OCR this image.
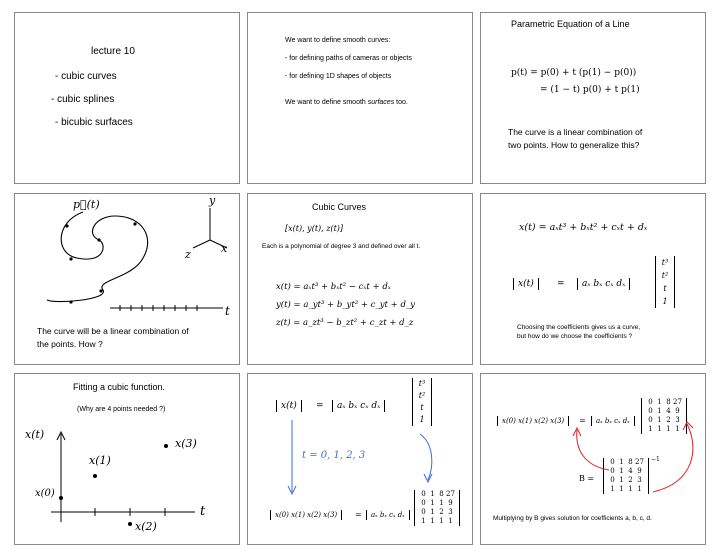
lecture 10
- cubic curves
- cubic splines
- bicubic surfaces
We want to define smooth curves:
- for defining paths of cameras or objects
- for defining 1D shapes of objects
We want to define smooth surfaces too.
Parametric Equation of a Line
p(t) = p(0) + t (p(1) − p(0))
= (1 − t) p(0) + t p(1)
The curve is a linear combination of
two points. How to generalize this?
p⃗(t)	y
x
z
t
The curve will be a linear combination of
the points. How ?
Cubic Curves
[x(t), y(t), z(t)]
Each is a polynomial of degree 3 and defined over all t.
x(t) = aₓt³ + bₓt² − cₓt + dₓ
y(t) = a_yt³ + b_yt² + c_yt + d_y
z(t) = a_zt³ − b_zt² + c_zt + d_z
x(t) = aₓt³ + bₓt² + cₓt + dₓ
x(t)	=	aₓ bₓ cₓ dₓ
t³
t²
t
1
Choosing the coefficients gives us a curve,
but how do we choose the coefficients ?
Fitting a cubic function.
(Why are 4 points needed ?)
x(t)
x(3)
x(1)
x(0)
x(2)
t
x(t)	=	aₓ bₓ cₓ dₓ
t³
t²
t
1
t = 0, 1, 2, 3
x(0) x(1) x(2) x(3)	=	aₓ bₓ cₓ dₓ
0 1 8 27
0 1 1 9
0 1 2 3
1 1 1 1
x(0) x(1) x(2) x(3)	=	aₓ bₓ cₓ dₓ
0 1 8 27
0 1 4 9
0 1 2 3
1 1 1 1
B =
0 1 8 27
0 1 4 9
0 1 2 3
1 1 1 1
−1
Multiplying by B gives solution for coefficients a, b, c, d.
